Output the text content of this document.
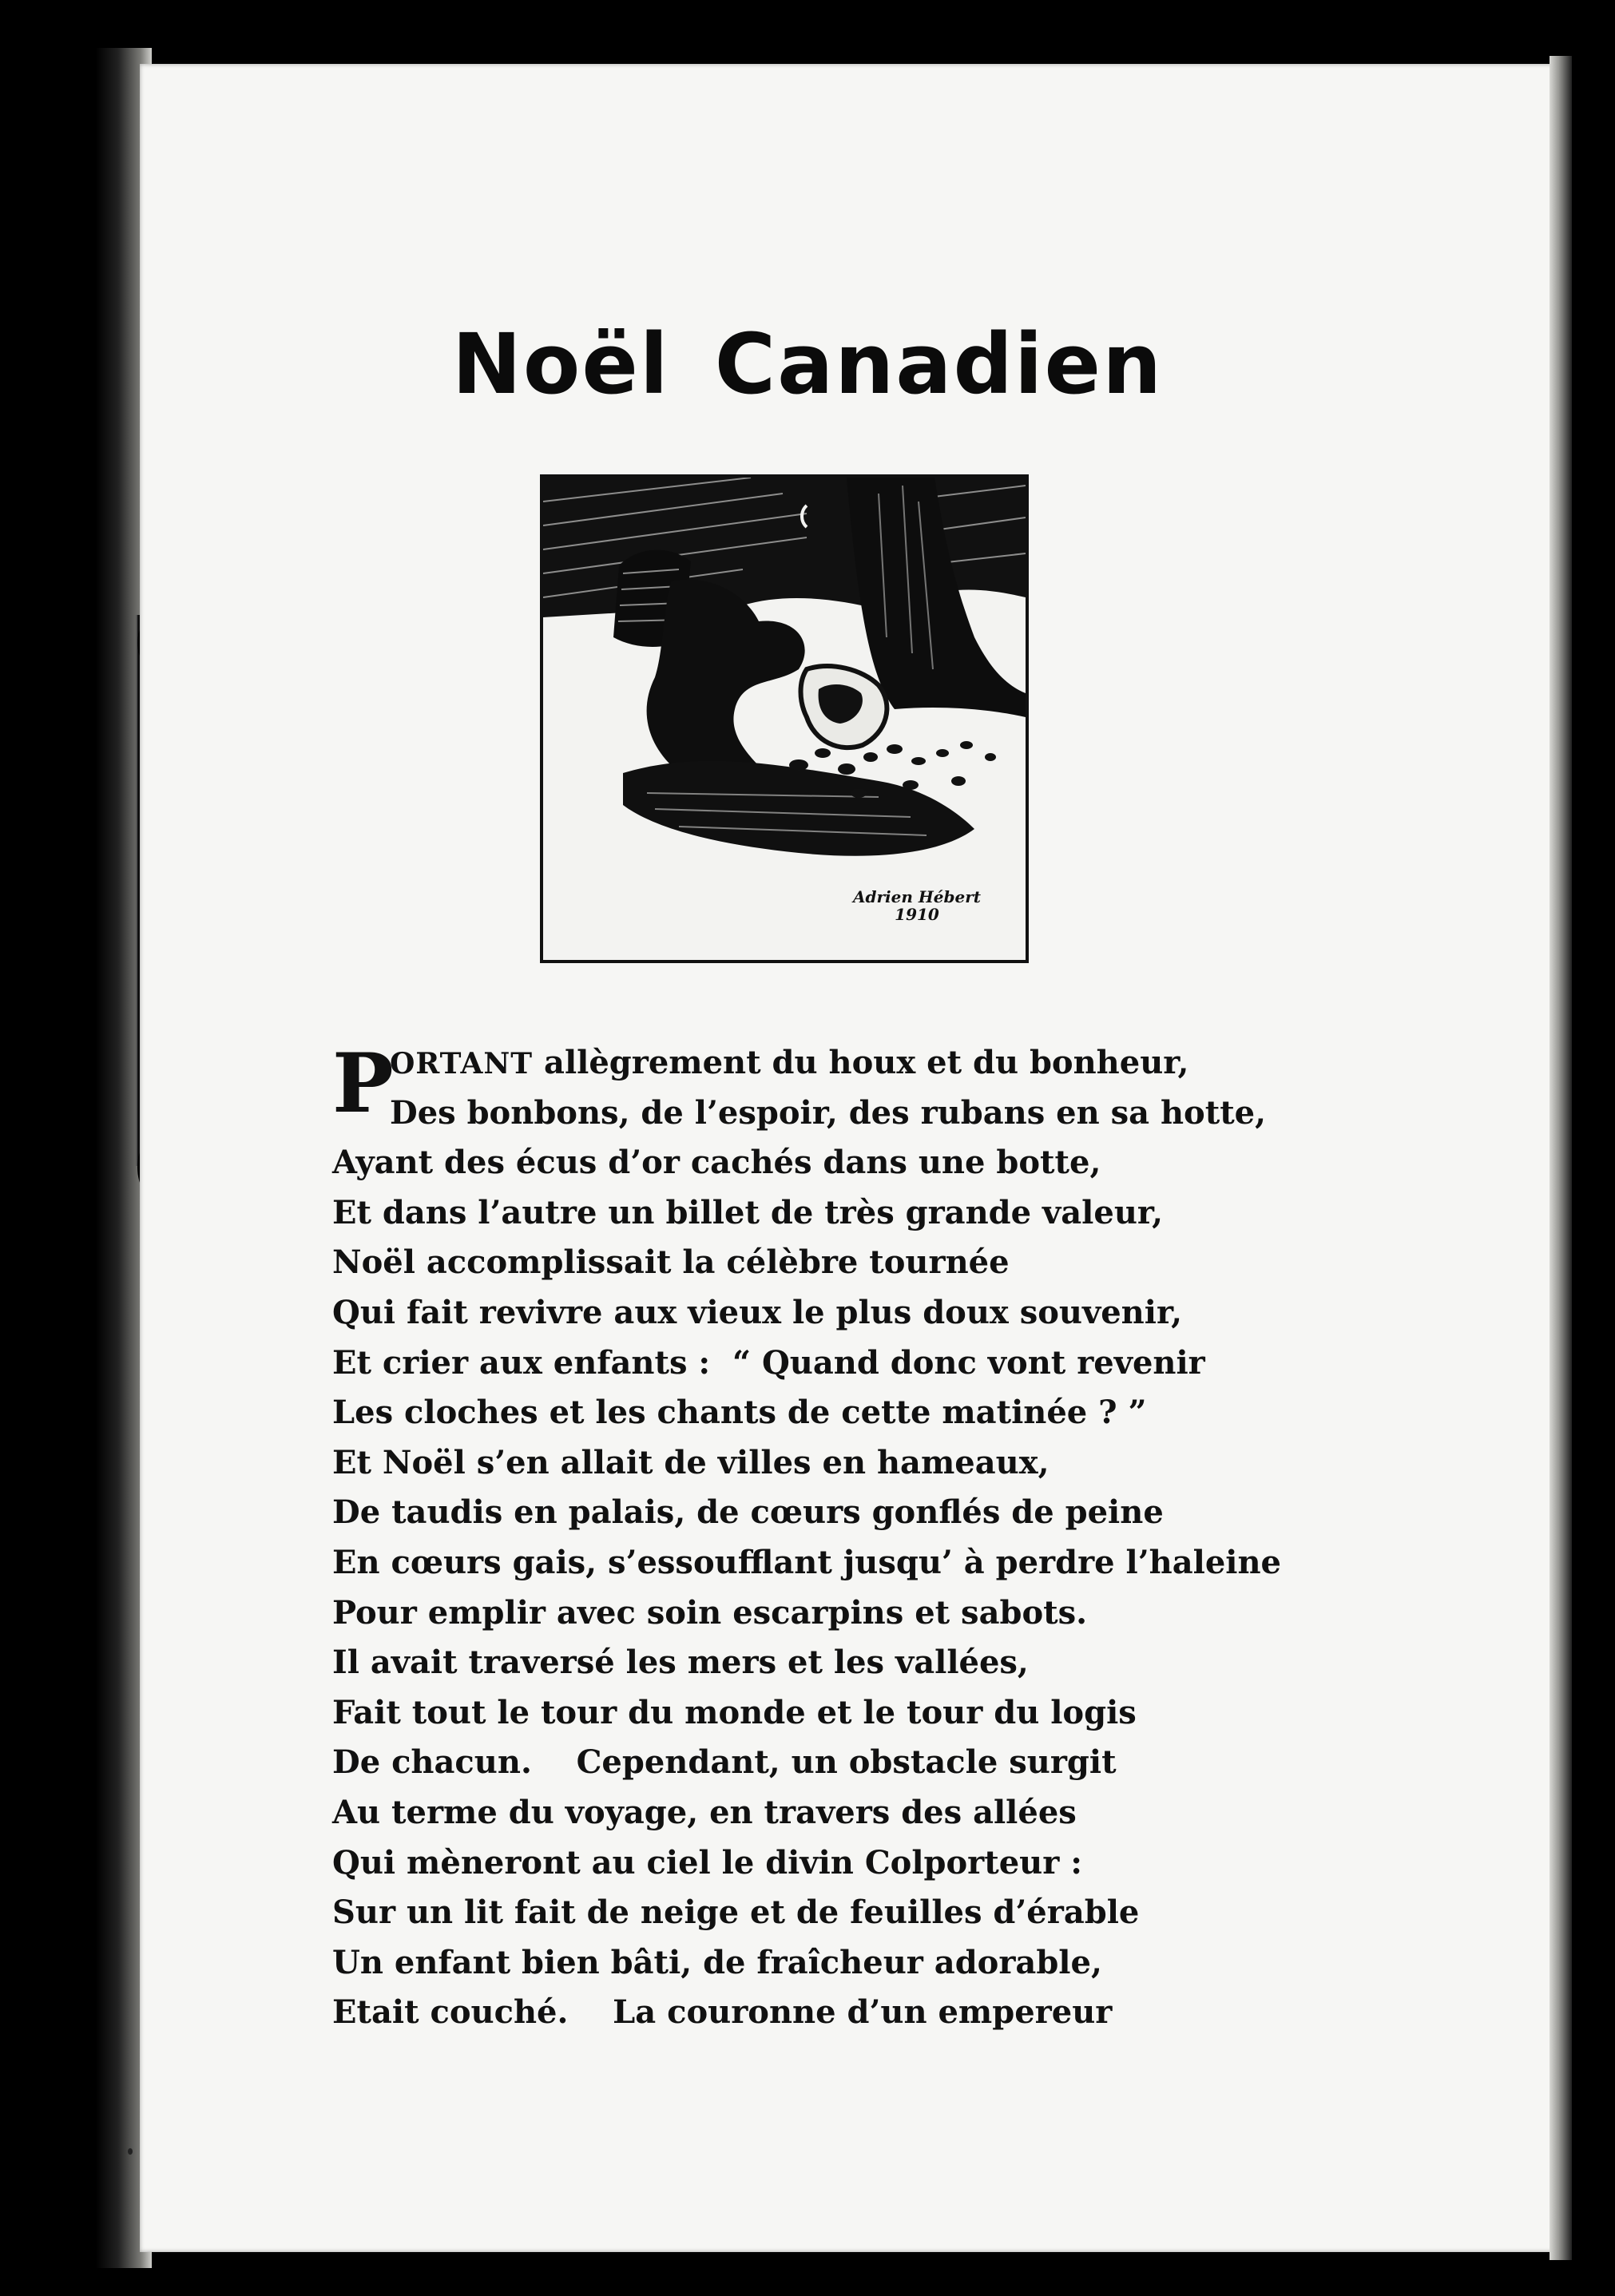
Noël Canadien
Adrien Hébert
1910
P
ORTANT allègrement du houx et du bonheur,
Des bonbons, de l’espoir, des rubans en sa hotte,
Ayant des écus d’or cachés dans une botte,
Et dans l’autre un billet de très grande valeur,
Noël accomplissait la célèbre tournée
Qui fait revivre aux vieux le plus doux souvenir,
Et crier aux enfants :  “ Quand donc vont revenir
Les cloches et les chants de cette matinée ? ”
Et Noël s’en allait de villes en hameaux,
De taudis en palais, de cœurs gonflés de peine
En cœurs gais, s’essoufflant jusqu’ à perdre l’haleine
Pour emplir avec soin escarpins et sabots.
Il avait traversé les mers et les vallées,
Fait tout le tour du monde et le tour du logis
De chacun.    Cependant, un obstacle surgit
Au terme du voyage, en travers des allées
Qui mèneront au ciel le divin Colporteur :
Sur un lit fait de neige et de feuilles d’érable
Un enfant bien bâti, de fraîcheur adorable,
Etait couché.    La couronne d’un empereur
